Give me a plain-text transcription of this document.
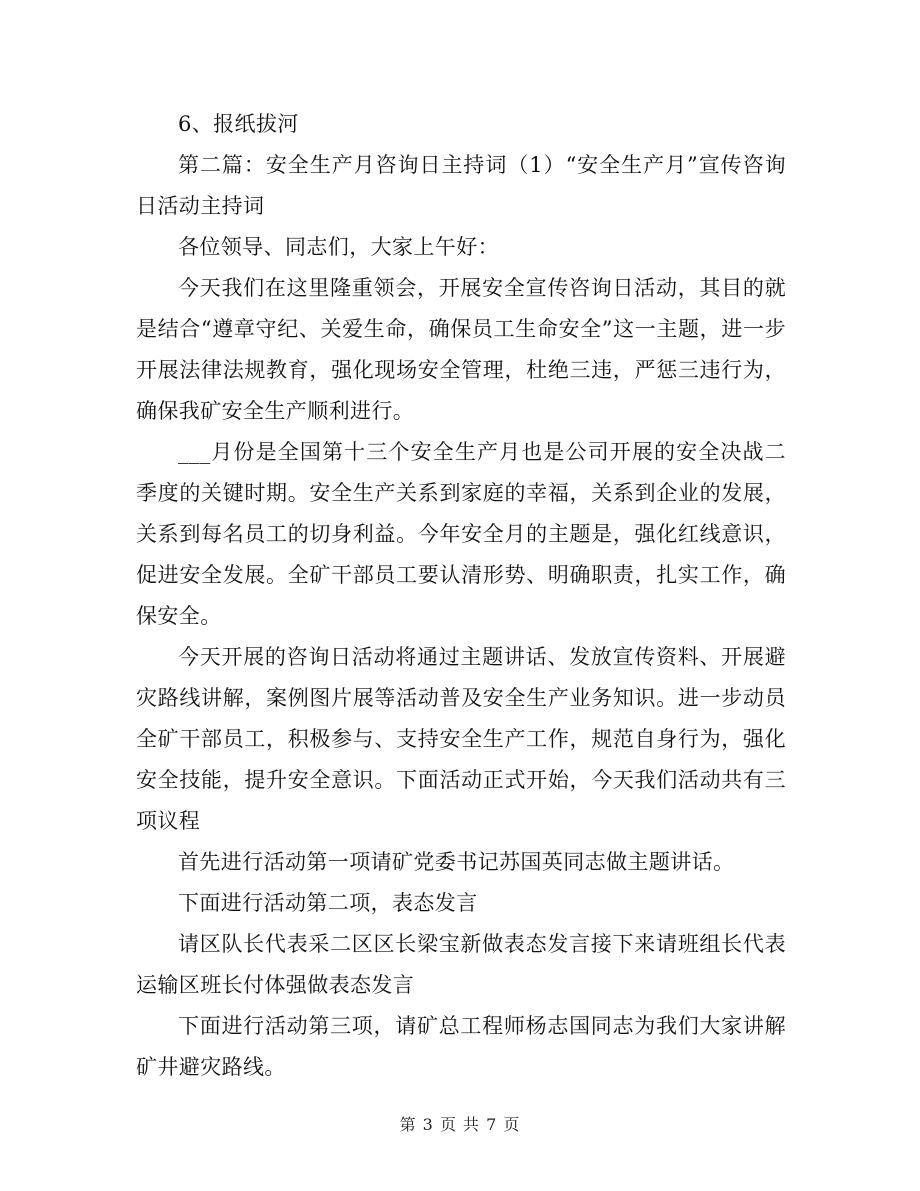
6、报纸拔河

第二篇：安全生产月咨询日主持词（1）“安全生产月”宣传咨询日活动主持词

各位领导、同志们，大家上午好：

今天我们在这里隆重领会，开展安全宣传咨询日活动，其目的就是结合“遵章守纪、关爱生命，确保员工生命安全”这一主题，进一步开展法律法规教育，强化现场安全管理，杜绝三违，严惩三违行为，确保我矿安全生产顺利进行。

___月份是全国第十三个安全生产月也是公司开展的安全决战二季度的关键时期。安全生产关系到家庭的幸福，关系到企业的发展，关系到每名员工的切身利益。今年安全月的主题是，强化红线意识，促进安全发展。全矿干部员工要认清形势、明确职责，扎实工作，确保安全。

今天开展的咨询日活动将通过主题讲话、发放宣传资料、开展避灾路线讲解，案例图片展等活动普及安全生产业务知识。进一步动员全矿干部员工，积极参与、支持安全生产工作，规范自身行为，强化安全技能，提升安全意识。下面活动正式开始，今天我们活动共有三项议程

首先进行活动第一项请矿党委书记苏国英同志做主题讲话。

下面进行活动第二项，表态发言

请区队长代表采二区区长梁宝新做表态发言接下来请班组长代表运输区班长付体强做表态发言

下面进行活动第三项，请矿总工程师杨志国同志为我们大家讲解矿井避灾路线。

第 3 页 共 7 页
